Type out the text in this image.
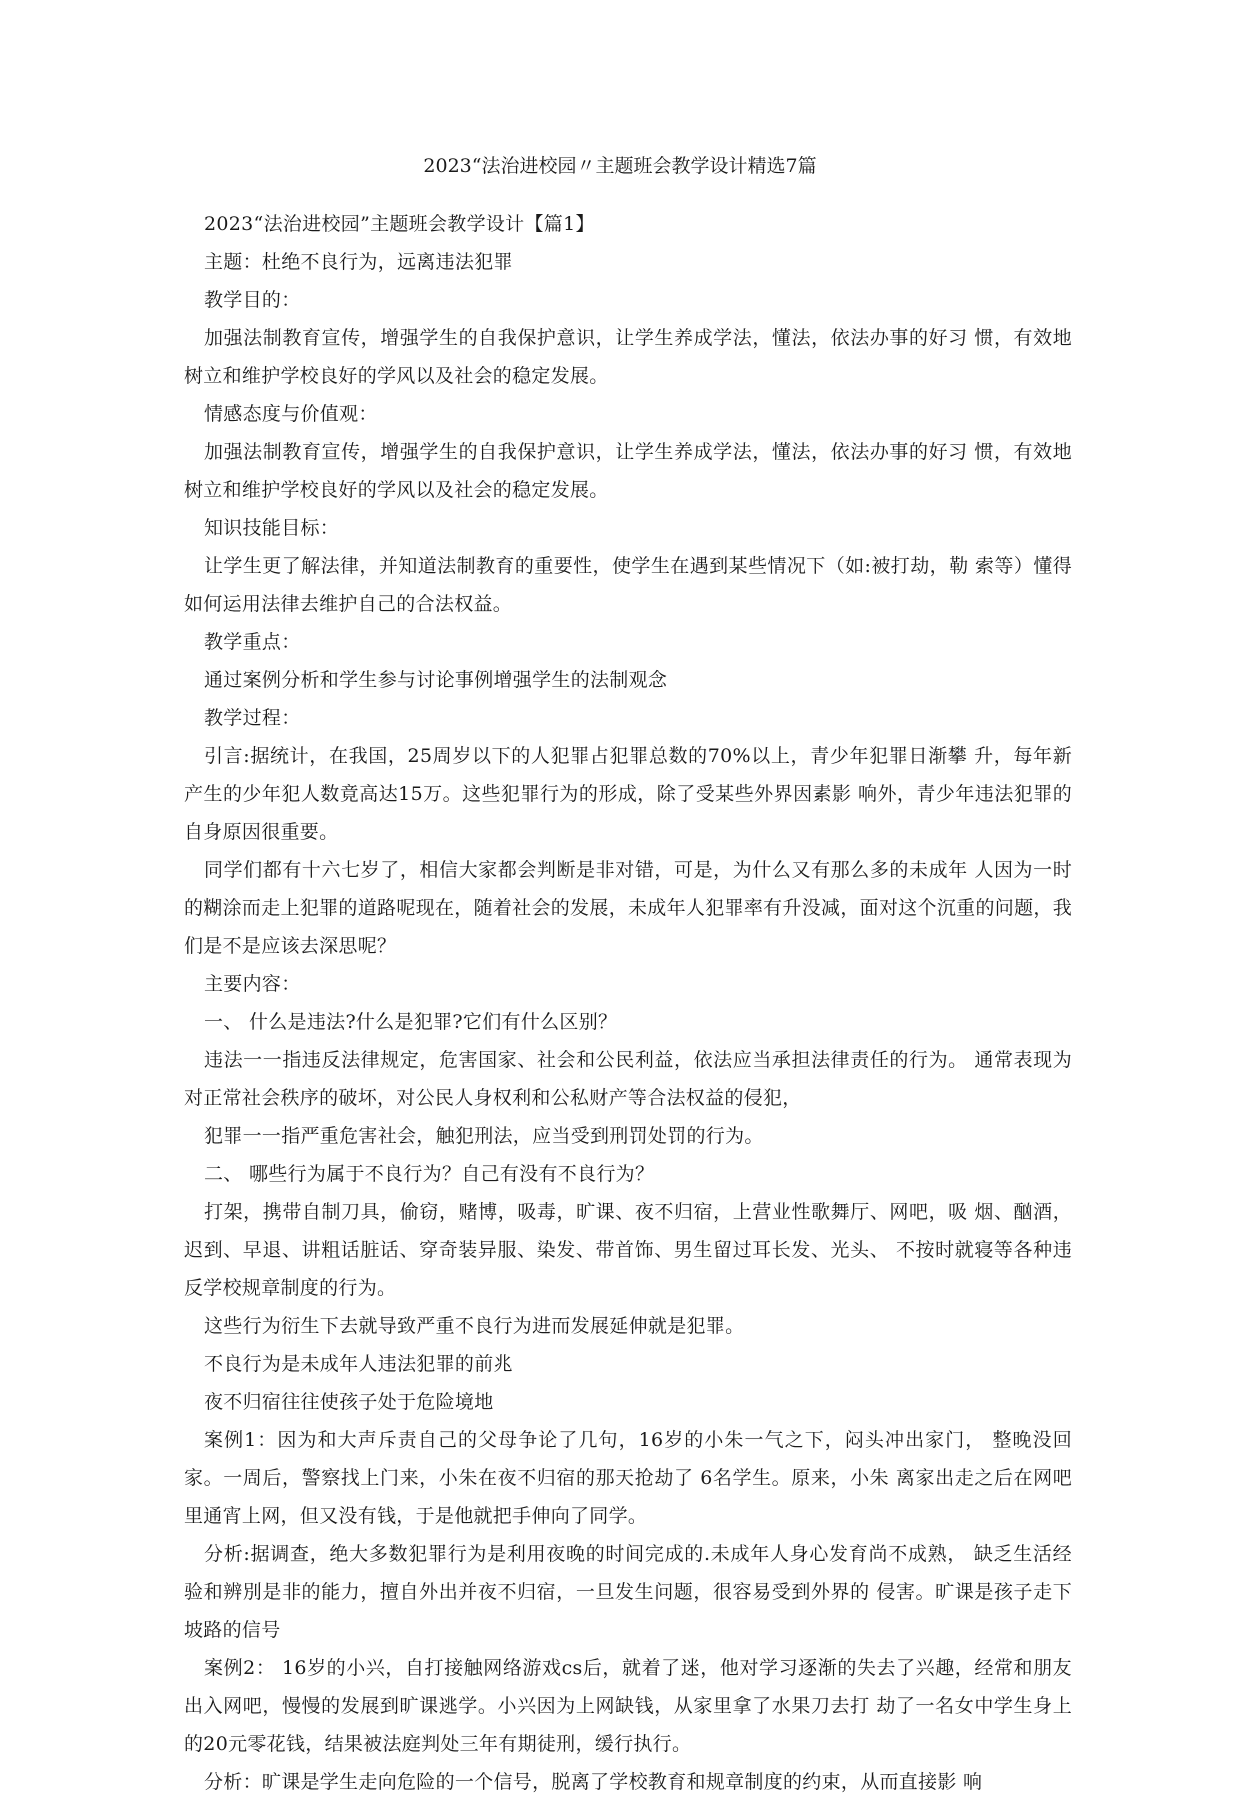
2023“法治进校园〃主题班会教学设计精选7篇

2023“法治进校园”主题班会教学设计【篇1】

主题：杜绝不良行为，远离违法犯罪

教学目的：

加强法制教育宣传，增强学生的自我保护意识，让学生养成学法，懂法，依法办事的好习 惯，有效地树立和维护学校良好的学风以及社会的稳定发展。

情感态度与价值观：

加强法制教育宣传，增强学生的自我保护意识，让学生养成学法，懂法，依法办事的好习 惯，有效地树立和维护学校良好的学风以及社会的稳定发展。

知识技能目标：

让学生更了解法律，并知道法制教育的重要性，使学生在遇到某些情况下（如:被打劫，勒 索等）懂得如何运用法律去维护自己的合法权益。

教学重点：

通过案例分析和学生参与讨论事例增强学生的法制观念

教学过程：

引言:据统计，在我国，25周岁以下的人犯罪占犯罪总数的70%以上，青少年犯罪日渐攀 升，每年新产生的少年犯人数竟高达15万。这些犯罪行为的形成，除了受某些外界因素影 响外，青少年违法犯罪的自身原因很重要。

同学们都有十六七岁了，相信大家都会判断是非对错，可是，为什么又有那么多的未成年 人因为一时的糊涂而走上犯罪的道路呢现在，随着社会的发展，未成年人犯罪率有升没减，面对这个沉重的问题，我们是不是应该去深思呢？

主要内容：

一、 什么是违法?什么是犯罪?它们有什么区别？

违法一一指违反法律规定，危害国家、社会和公民利益，依法应当承担法律责任的行为。 通常表现为对正常社会秩序的破坏，对公民人身权利和公私财产等合法权益的侵犯，

犯罪一一指严重危害社会，触犯刑法，应当受到刑罚处罚的行为。

二、 哪些行为属于不良行为？自己有没有不良行为？

打架，携带自制刀具，偷窃，赌博，吸毒，旷课、夜不归宿，上营业性歌舞厅、网吧，吸 烟、酗酒，迟到、早退、讲粗话脏话、穿奇装异服、染发、带首饰、男生留过耳长发、光头、 不按时就寝等各种违反学校规章制度的行为。

这些行为衍生下去就导致严重不良行为进而发展延伸就是犯罪。

不良行为是未成年人违法犯罪的前兆

夜不归宿往往使孩子处于危险境地

案例1：因为和大声斥责自己的父母争论了几句，16岁的小朱一气之下，闷头冲出家门， 整晚没回家。一周后，警察找上门来，小朱在夜不归宿的那天抢劫了 6名学生。原来，小朱 离家出走之后在网吧里通宵上网，但又没有钱，于是他就把手伸向了同学。

分析:据调查，绝大多数犯罪行为是利用夜晚的时间完成的.未成年人身心发育尚不成熟， 缺乏生活经验和辨別是非的能力，擅自外出并夜不归宿，一旦发生问题，很容易受到外界的 侵害。旷课是孩子走下坡路的信号

案例2： 16岁的小兴，自打接触网络游戏cs后，就着了迷，他对学习逐渐的失去了兴趣，经常和朋友出入网吧，慢慢的发展到旷课逃学。小兴因为上网缺钱，从家里拿了水果刀去打 劫了一名女中学生身上的20元零花钱，结果被法庭判处三年有期徒刑，缓行执行。

分析：旷课是学生走向危险的一个信号，脱离了学校教育和规章制度的约束，从而直接影 响
